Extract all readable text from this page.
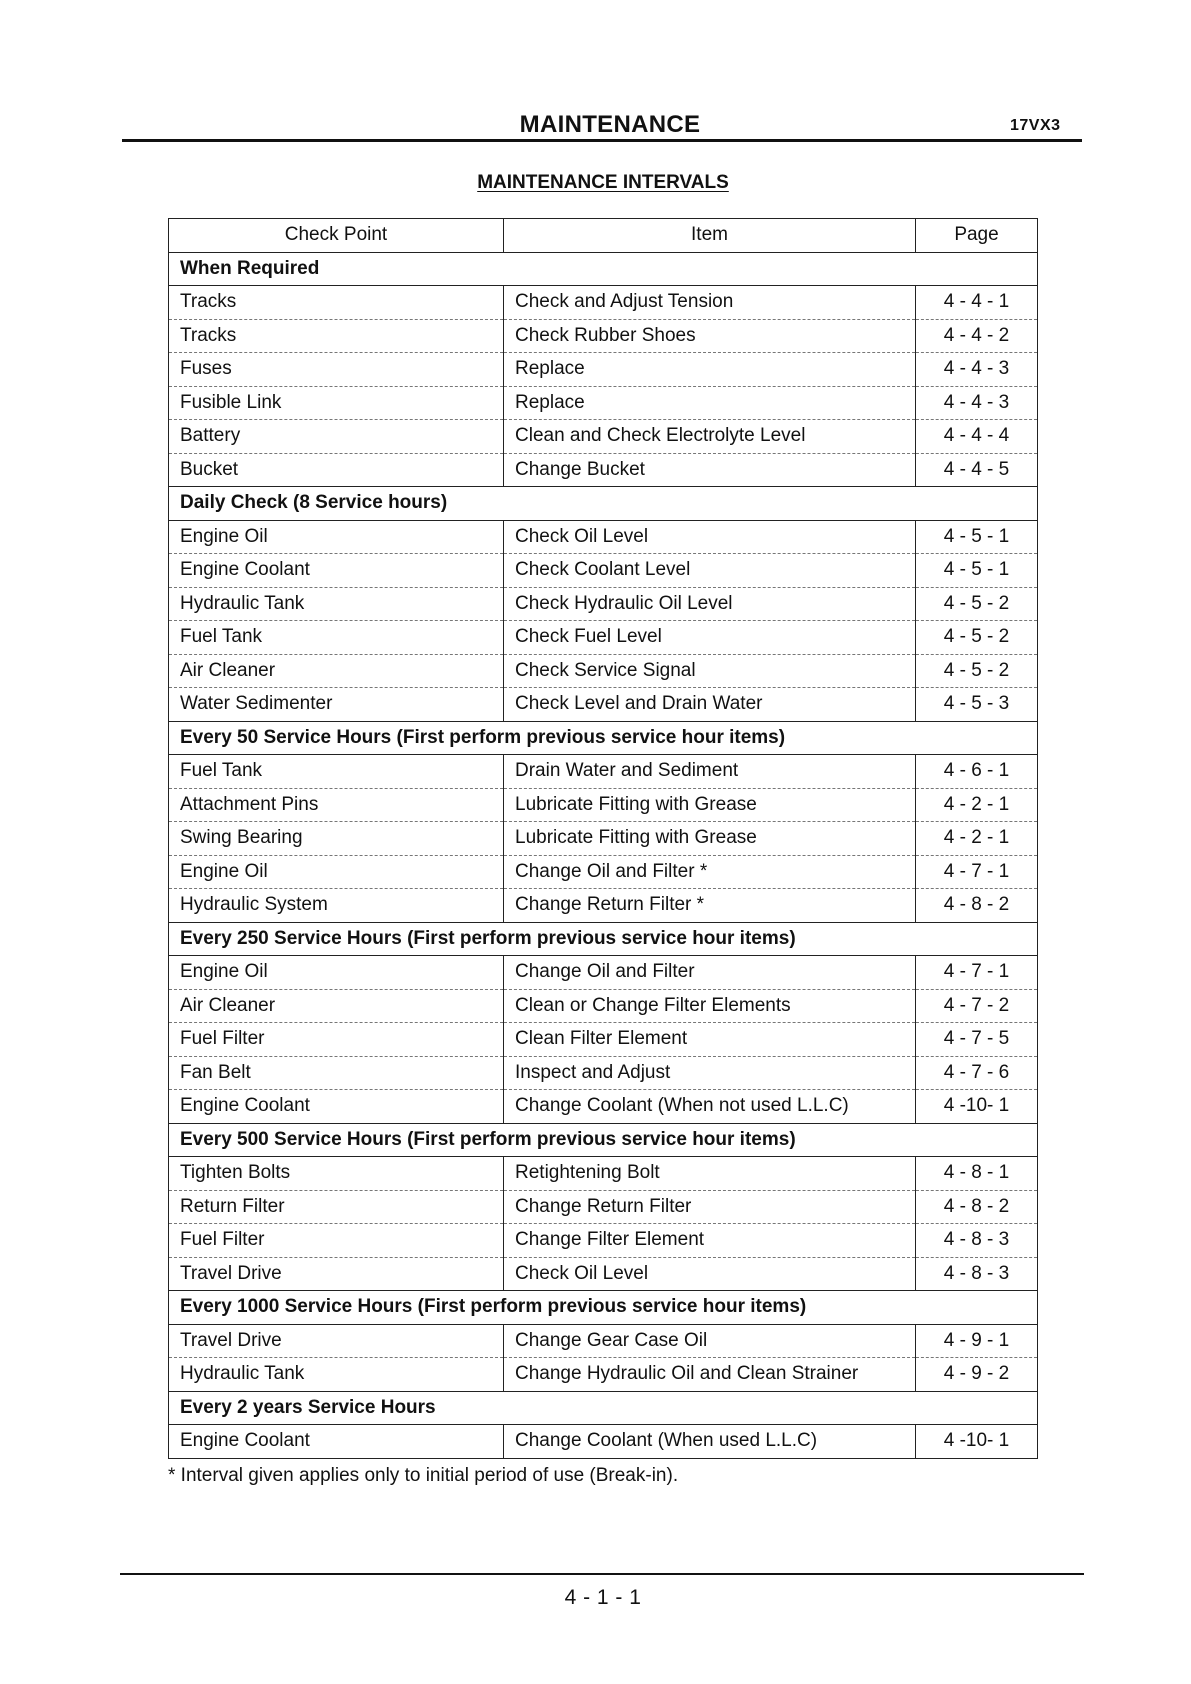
MAINTENANCE	17VX3
MAINTENANCE INTERVALS
Check Point	Item	Page
When Required		
Tracks	Check and Adjust Tension	4 - 4 - 1
Tracks	Check Rubber Shoes	4 - 4 - 2
Fuses	Replace	4 - 4 - 3
Fusible Link	Replace	4 - 4 - 3
Battery	Clean and Check Electrolyte Level	4 - 4 - 4
Bucket	Change Bucket	4 - 4 - 5
Daily Check (8 Service hours)		
Engine Oil	Check Oil Level	4 - 5 - 1
Engine Coolant	Check Coolant Level	4 - 5 - 1
Hydraulic Tank	Check Hydraulic Oil Level	4 - 5 - 2
Fuel Tank	Check Fuel Level	4 - 5 - 2
Air Cleaner	Check Service Signal	4 - 5 - 2
Water Sedimenter	Check Level and Drain Water	4 - 5 - 3
Every 50 Service Hours (First perform previous service hour items)		
Fuel Tank	Drain Water and Sediment	4 - 6 - 1
Attachment Pins	Lubricate Fitting with Grease	4 - 2 - 1
Swing Bearing	Lubricate Fitting with Grease	4 - 2 - 1
Engine Oil	Change Oil and Filter *	4 - 7 - 1
Hydraulic System	Change Return Filter *	4 - 8 - 2
Every 250 Service Hours (First perform previous service hour items)		
Engine Oil	Change Oil and Filter	4 - 7 - 1
Air Cleaner	Clean or Change Filter Elements	4 - 7 - 2
Fuel Filter	Clean Filter Element	4 - 7 - 5
Fan Belt	Inspect and Adjust	4 - 7 - 6
Engine Coolant	Change Coolant (When not used L.L.C)	4 -10- 1
Every 500 Service Hours (First perform previous service hour items)		
Tighten Bolts	Retightening Bolt	4 - 8 - 1
Return Filter	Change Return Filter	4 - 8 - 2
Fuel Filter	Change Filter Element	4 - 8 - 3
Travel Drive	Check Oil Level	4 - 8 - 3
Every 1000 Service Hours (First perform previous service hour items)		
Travel Drive	Change Gear Case Oil	4 - 9 - 1
Hydraulic Tank	Change Hydraulic Oil and Clean Strainer	4 - 9 - 2
Every 2 years Service Hours		
Engine Coolant	Change Coolant (When used L.L.C)	4 -10- 1
* Interval given applies only to initial period of use (Break-in).
4 - 1 - 1
